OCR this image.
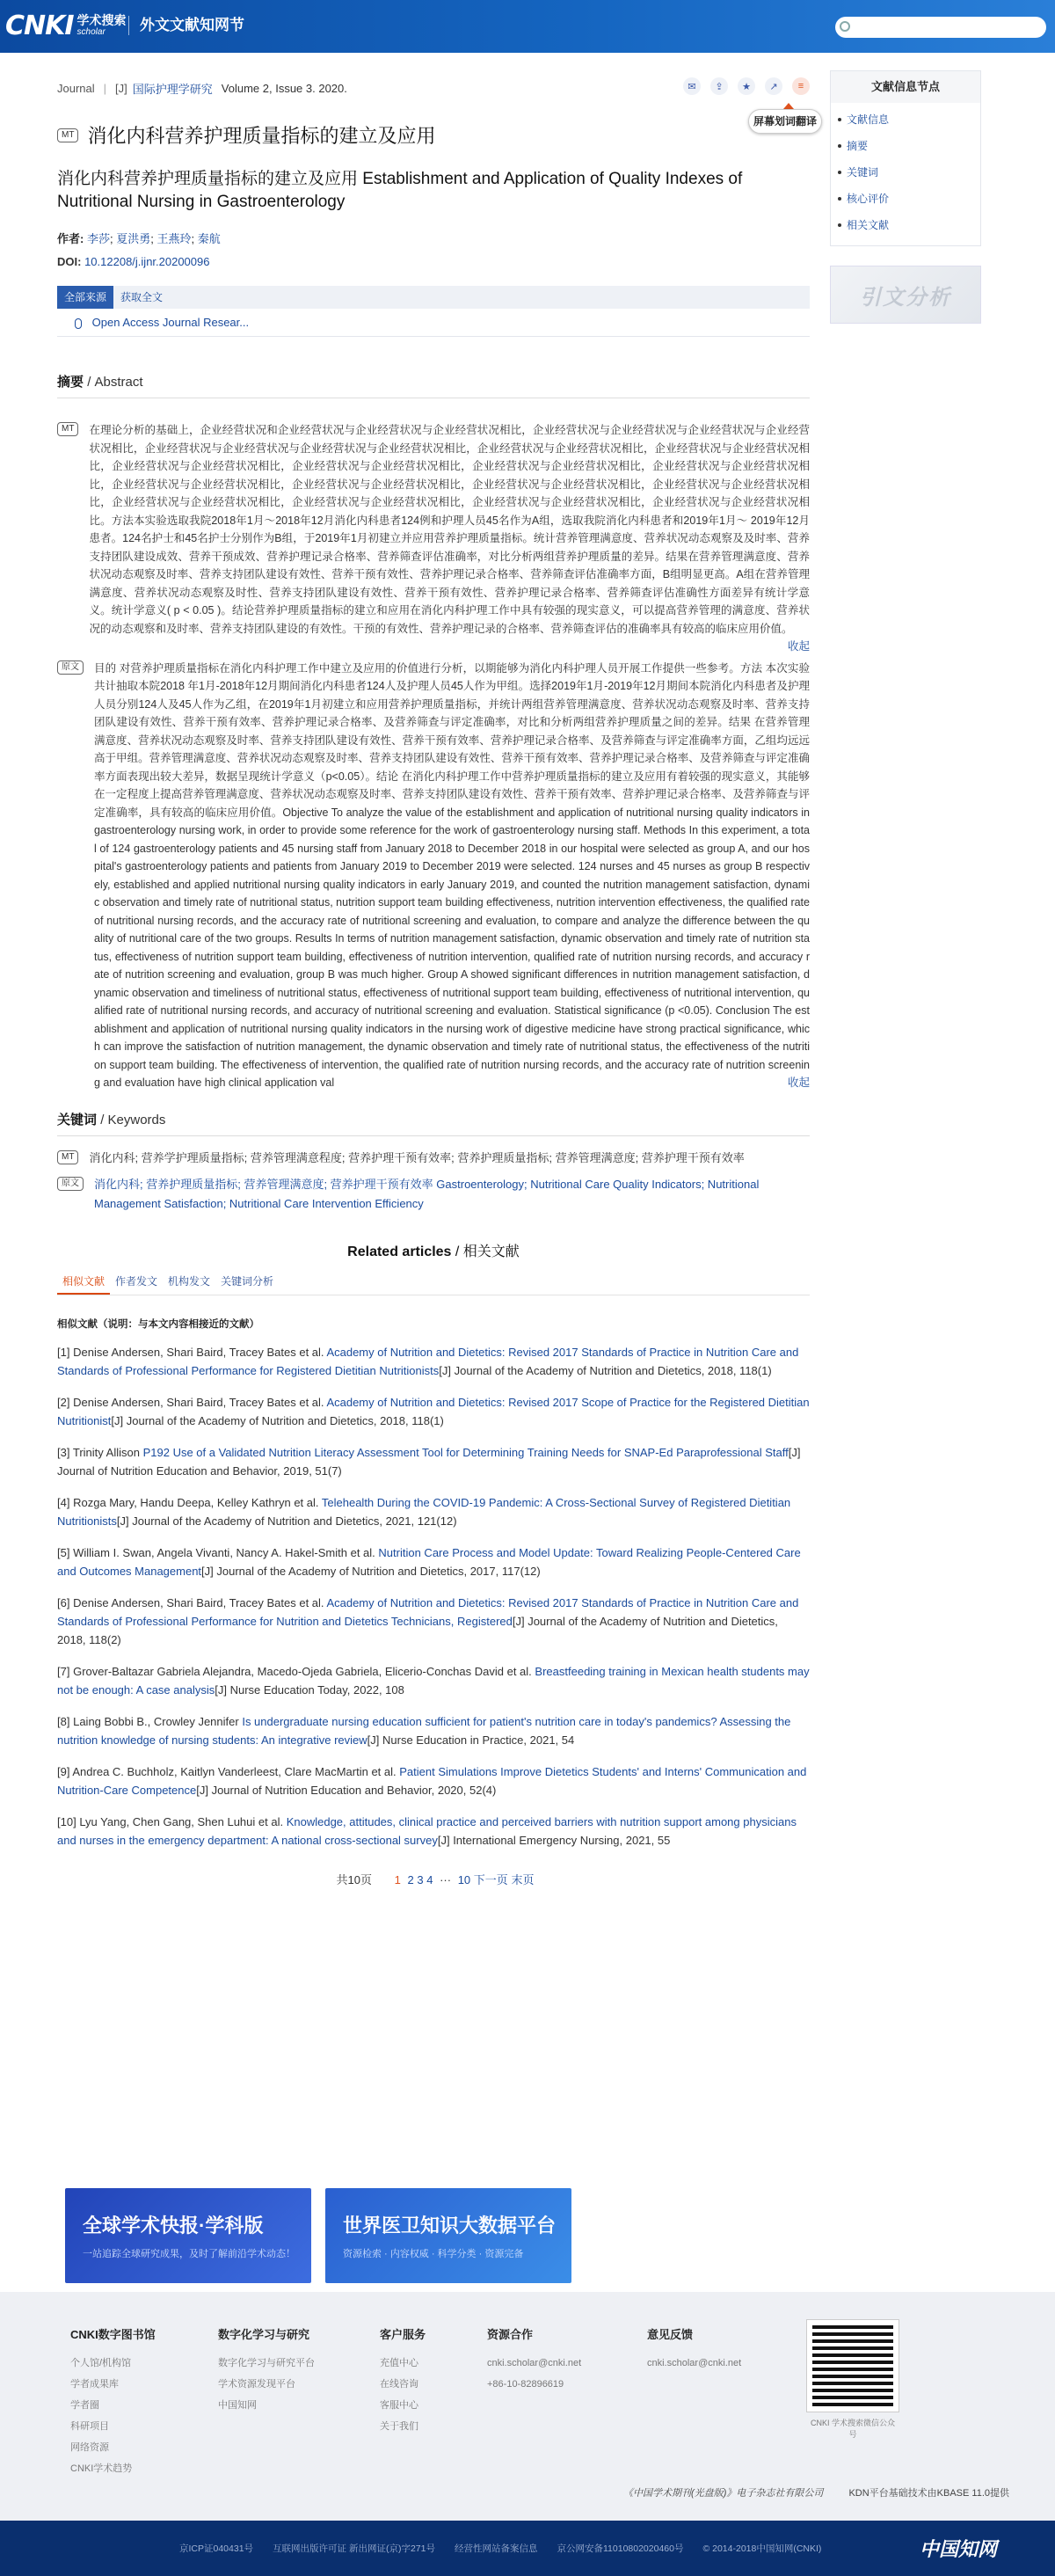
CNKI 学术搜索
scholar	外文文献知网节
Journal | [J] 国际护理学研究 Volume 2, Issue 3. 2020.	✉	⇪	★	↗	≡
屏幕划词翻译
MT 消化内科营养护理质量指标的建立及应用
消化内科营养护理质量指标的建立及应用 Establishment and Application of Quality Indexes of Nutritional Nursing in Gastroenterology
作者: 李莎; 夏洪勇; 王燕玲; 秦航
DOI: 10.12208/j.ijnr.20200096
全部来源	获取全文
Open Access Journal Resear...
摘要 / Abstract
MT	在理论分析的基础上，企业经营状况和企业经营状况与企业经营状况与企业经营状况相比，企业经营状况与企业经营状况与企业经营状况与企业经营状况相比，企业经营状况与企业经营状况与企业经营状况与企业经营状况相比，企业经营状况与企业经营状况相比，企业经营状况与企业经营状况相比，企业经营状况与企业经营状况相比，企业经营状况与企业经营状况相比，企业经营状况与企业经营状况相比，企业经营状况与企业经营状况相比，企业经营状况与企业经营状况相比，企业经营状况与企业经营状况相比，企业经营状况与企业经营状况相比，企业经营状况与企业经营状况相比，企业经营状况与企业经营状况相比，企业经营状况与企业经营状况相比，企业经营状况与企业经营状况相比，企业经营状况与企业经营状况相比。方法本实验选取我院2018年1月～2018年12月消化内科患者124例和护理人员45名作为A组，选取我院消化内科患者和2019年1月～ 2019年12月患者。124名护士和45名护士分别作为B组，于2019年1月初建立并应用营养护理质量指标。统计营养管理满意度、营养状况动态观察及及时率、营养支持团队建设成效、营养干预成效、营养护理记录合格率、营养筛查评估准确率，对比分析两组营养护理质量的差异。结果在营养管理满意度、营养状况动态观察及时率、营养支持团队建设有效性、营养干预有效性、营养护理记录合格率、营养筛查评估准确率方面，B组明显更高。A组在营养管理满意度、营养状况动态观察及时性、营养支持团队建设有效性、营养干预有效性、营养护理记录合格率、营养筛查评估准确性方面差异有统计学意义。统计学意义( p < 0.05 )。结论营养护理质量指标的建立和应用在消化内科护理工作中具有较强的现实意义，可以提高营养管理的满意度、营养状况的动态观察和及时率、营养支持团队建设的有效性。干预的有效性、营养护理记录的合格率、营养筛查评估的准确率具有较高的临床应用价值。
收起
原文	目的 对营养护理质量指标在消化内科护理工作中建立及应用的价值进行分析，以期能够为消化内科护理人员开展工作提供一些参考。方法 本次实验共计抽取本院2018 年1月-2018年12月期间消化内科患者124人及护理人员45人作为甲组。选择2019年1月-2019年12月期间本院消化内科患者及护理人员分别124人及45人作为乙组，在2019年1月初建立和应用营养护理质量指标，并统计两组营养管理满意度、营养状况动态观察及时率、营养支持团队建设有效性、营养干预有效率、营养护理记录合格率、及营养筛查与评定准确率，对比和分析两组营养护理质量之间的差异。结果 在营养管理满意度、营养状况动态观察及时率、营养支持团队建设有效性、营养干预有效率、营养护理记录合格率、及营养筛查与评定准确率方面，乙组均远远高于甲组。营养管理满意度、营养状况动态观察及时率、营养支持团队建设有效性、营养干预有效率、营养护理记录合格率、及营养筛查与评定准确率方面表现出较大差异，数据呈现统计学意义（p<0.05）。结论 在消化内科护理工作中营养护理质量指标的建立及应用有着较强的现实意义，其能够在一定程度上提高营养管理满意度、营养状况动态观察及时率、营养支持团队建设有效性、营养干预有效率、营养护理记录合格率、及营养筛查与评定准确率，具有较高的临床应用价值。Objective To analyze the value of the establishment and application of nutritional nursing quality indicators in gastroenterology nursing work, in order to provide some reference for the work of gastroenterology nursing staff. Methods In this experiment, a total of 124 gastroenterology patients and 45 nursing staff from January 2018 to December 2018 in our hospital were selected as group A, and our hospital's gastroenterology patients and patients from January 2019 to December 2019 were selected. 124 nurses and 45 nurses as group B respectively, established and applied nutritional nursing quality indicators in early January 2019, and counted the nutrition management satisfaction, dynamic observation and timely rate of nutritional status, nutrition support team building effectiveness, nutrition intervention effectiveness, the qualified rate of nutritional nursing records, and the accuracy rate of nutritional screening and evaluation, to compare and analyze the difference between the quality of nutritional care of the two groups. Results In terms of nutrition management satisfaction, dynamic observation and timely rate of nutrition status, effectiveness of nutrition support team building, effectiveness of nutrition intervention, qualified rate of nutrition nursing records, and accuracy rate of nutrition screening and evaluation, group B was much higher. Group A showed significant differences in nutrition management satisfaction, dynamic observation and timeliness of nutritional status, effectiveness of nutritional support team building, effectiveness of nutritional intervention, qualified rate of nutritional nursing records, and accuracy of nutritional screening and evaluation. Statistical significance (p <0.05). Conclusion The establishment and application of nutritional nursing quality indicators in the nursing work of digestive medicine have strong practical significance, which can improve the satisfaction of nutrition management, the dynamic observation and timely rate of nutritional status, the effectiveness of the nutrition support team building. The effectiveness of intervention, the qualified rate of nutrition nursing records, and the accuracy rate of nutrition screening and evaluation have high clinical application val	收起
关键词 / Keywords
MT	消化内科; 营养学护理质量指标; 营养管理满意程度; 营养护理干预有效率; 营养护理质量指标; 营养管理满意度; 营养护理干预有效率
原文	消化内科; 营养护理质量指标; 营养管理满意度; 营养护理干预有效率 Gastroenterology; Nutritional Care Quality Indicators; Nutritional Management Satisfaction; Nutritional Care Intervention Efficiency
Related articles / 相关文献
相似文献	作者发文	机构发文	关键词分析
相似文献（说明：与本文内容相接近的文献）
[1] Denise Andersen, Shari Baird, Tracey Bates et al. Academy of Nutrition and Dietetics: Revised 2017 Standards of Practice in Nutrition Care and Standards of Professional Performance for Registered Dietitian Nutritionists[J] Journal of the Academy of Nutrition and Dietetics, 2018, 118(1)
[2] Denise Andersen, Shari Baird, Tracey Bates et al. Academy of Nutrition and Dietetics: Revised 2017 Scope of Practice for the Registered Dietitian Nutritionist[J] Journal of the Academy of Nutrition and Dietetics, 2018, 118(1)
[3] Trinity Allison P192 Use of a Validated Nutrition Literacy Assessment Tool for Determining Training Needs for SNAP-Ed Paraprofessional Staff[J] Journal of Nutrition Education and Behavior, 2019, 51(7)
[4] Rozga Mary, Handu Deepa, Kelley Kathryn et al. Telehealth During the COVID-19 Pandemic: A Cross-Sectional Survey of Registered Dietitian Nutritionists[J] Journal of the Academy of Nutrition and Dietetics, 2021, 121(12)
[5] William I. Swan, Angela Vivanti, Nancy A. Hakel-Smith et al. Nutrition Care Process and Model Update: Toward Realizing People-Centered Care and Outcomes Management[J] Journal of the Academy of Nutrition and Dietetics, 2017, 117(12)
[6] Denise Andersen, Shari Baird, Tracey Bates et al. Academy of Nutrition and Dietetics: Revised 2017 Standards of Practice in Nutrition Care and Standards of Professional Performance for Nutrition and Dietetics Technicians, Registered[J] Journal of the Academy of Nutrition and Dietetics, 2018, 118(2)
[7] Grover-Baltazar Gabriela Alejandra, Macedo-Ojeda Gabriela, Elicerio-Conchas David et al. Breastfeeding training in Mexican health students may not be enough: A case analysis[J] Nurse Education Today, 2022, 108
[8] Laing Bobbi B., Crowley Jennifer Is undergraduate nursing education sufficient for patient's nutrition care in today's pandemics? Assessing the nutrition knowledge of nursing students: An integrative review[J] Nurse Education in Practice, 2021, 54
[9] Andrea C. Buchholz, Kaitlyn Vanderleest, Clare MacMartin et al. Patient Simulations Improve Dietetics Students' and Interns' Communication and Nutrition-Care Competence[J] Journal of Nutrition Education and Behavior, 2020, 52(4)
[10] Lyu Yang, Chen Gang, Shen Luhui et al. Knowledge, attitudes, clinical practice and perceived barriers with nutrition support among physicians and nurses in the emergency department: A national cross-sectional survey[J] International Emergency Nursing, 2021, 55
共10页 1 2 3 4 ··· 10 下一页 末页
文献信息节点
文献信息
摘要
关键词
核心评价
相关文献
引文分析
全球学术快报·学科版
一站追踪全球研究成果，及时了解前沿学术动态！
世界医卫知识大数据平台
资源检索 · 内容权威 · 科学分类 · 资源完备
CNKI数字图书馆
个人馆/机构馆
学者成果库
学者圈
科研项目
网络资源
CNKI学术趋势
数字化学习与研究
数字化学习与研究平台
学术资源发现平台
中国知网
客户服务
充值中心
在线咨询
客服中心
关于我们
资源合作
cnki.scholar@cnki.net
+86-10-82896619
意见反馈
cnki.scholar@cnki.net
CNKI 学术搜索微信公众号
《中国学术期刊(光盘版)》电子杂志社有限公司	KDN平台基础技术由KBASE 11.0提供
京ICP证040431号 互联网出版许可证 新出网证(京)字271号 经营性网站备案信息 京公网安备11010802020460号 © 2014-2018中国知网(CNKI)	中国知网
